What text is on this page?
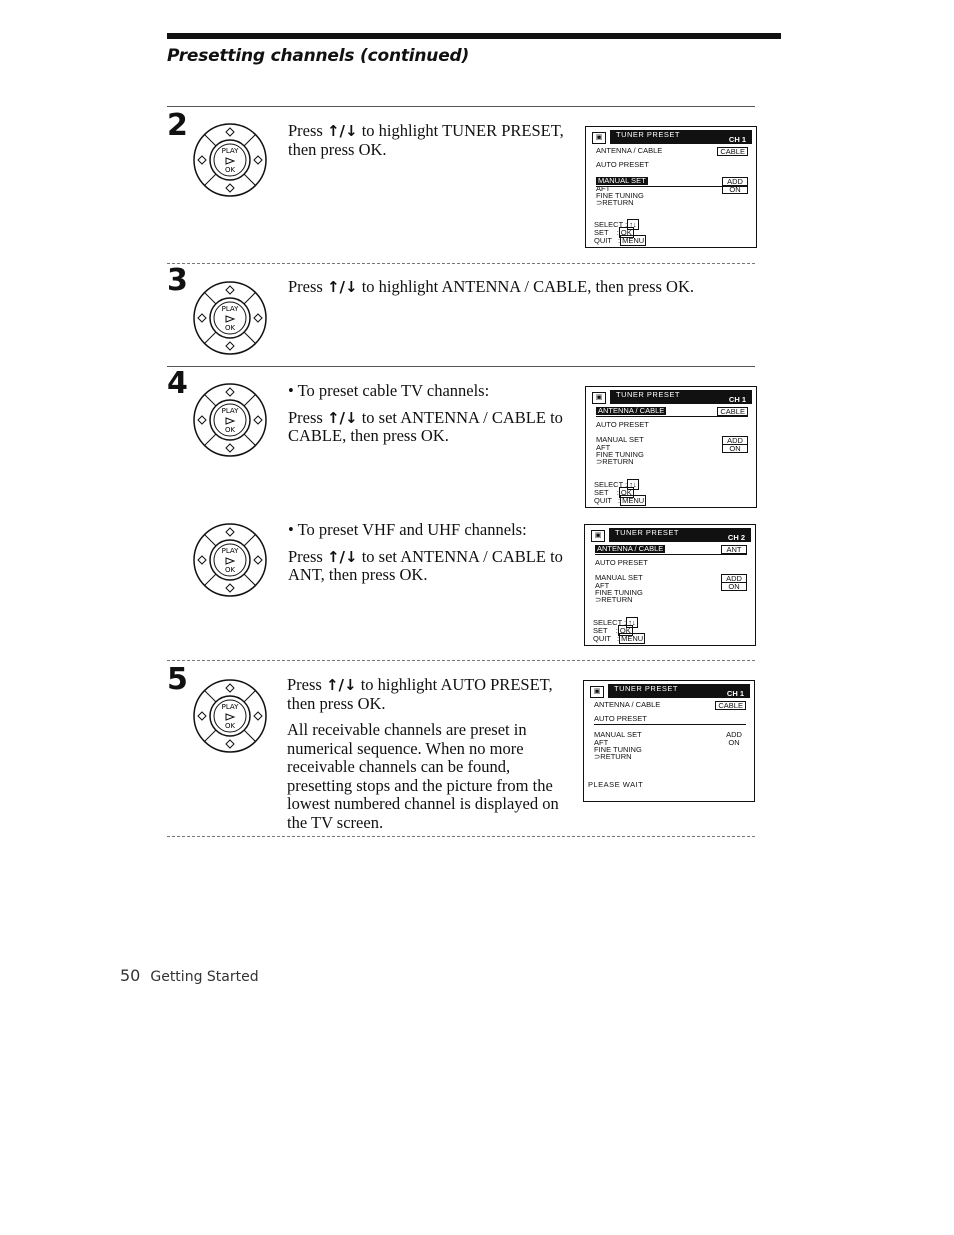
Presetting channels (continued)
2
PLAY
OK

Press ↑/↓ to highlight TUNER PRESET, then press OK.

▣	TUNER PRESET
CH 1
ANTENNA / CABLE	CABLE
AUTO PRESET
MANUAL SET	ADD
AFT	ON
FINE TUNING
⊃RETURN
SELECT : ↑↓
SET    : OK
QUIT   : MENU
3
PLAY
OK

Press ↑/↓ to highlight ANTENNA / CABLE, then press OK.

4
PLAY
OK

• To preset cable TV channels:

Press ↑/↓ to set ANTENNA / CABLE to CABLE, then press OK.

▣	TUNER PRESET
CH 1
ANTENNA / CABLE	CABLE
AUTO PRESET
MANUAL SET	ADD
AFT	ON
FINE TUNING
⊃RETURN
SELECT : ↑↓
SET    : OK
QUIT   : MENU
PLAY
OK

• To preset VHF and UHF channels:

Press ↑/↓ to set ANTENNA / CABLE to ANT, then press OK.

▣	TUNER PRESET
CH 2
ANTENNA / CABLE	ANT
AUTO PRESET
MANUAL SET	ADD
AFT	ON
FINE TUNING
⊃RETURN
SELECT : ↑↓
SET    : OK
QUIT   : MENU
5
PLAY
OK

Press ↑/↓ to highlight AUTO PRESET, then press OK.

All receivable channels are preset in numerical sequence. When no more receivable channels can be found, presetting stops and the picture from the lowest numbered channel is displayed on the TV screen.

▣	TUNER PRESET
CH 1
ANTENNA / CABLE	CABLE
AUTO PRESET
MANUAL SET	ADD
AFT	ON
FINE TUNING
⊃RETURN
PLEASE WAIT
50 Getting Started
